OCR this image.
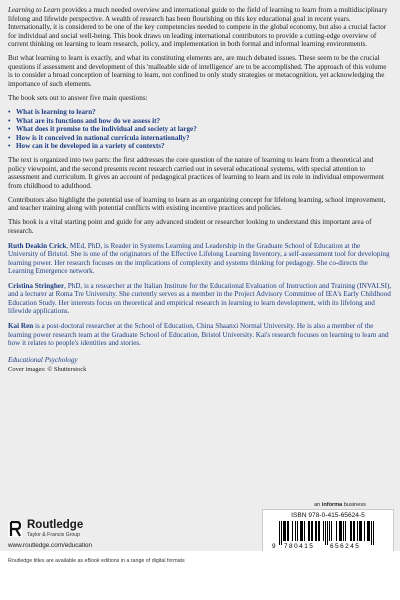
Learning to Learn provides a much needed overview and international guide to the field of learning to learn from a multidisciplinary lifelong and lifewide perspective. A wealth of research has been flourishing on this key educational goal in recent years. Internationally, it is considered to be one of the key competencies needed to compete in the global economy, but also a crucial factor for individual and social well-being. This book draws on leading international contributors to provide a cutting-edge overview of current thinking on learning to learn research, policy, and implementation in both formal and informal learning environments.

But what learning to learn is exactly, and what its constituting elements are, are much debated issues. These seem to be the crucial questions if assessment and development of this 'malleable side of intelligence' are to be accomplished. The approach of this volume is to consider a broad conception of learning to learn, not confined to only study strategies or metacognition, yet acknowledging the importance of such elements.

The book sets out to answer five main questions:

• What is learning to learn?
• What are its functions and how do we assess it?
• What does it promise to the individual and society at large?
• How is it conceived in national curricula internationally?
• How can it be developed in a variety of contexts?

The text is organized into two parts: the first addresses the core question of the nature of learning to learn from a theoretical and policy viewpoint, and the second presents recent research carried out in several educational systems, with special attention to assessment and curriculum. It gives an account of pedagogical practices of learning to learn and its role in individual empowerment from childhood to adulthood.

Contributors also highlight the potential use of learning to learn as an organizing concept for lifelong learning, school improvement, and teacher training along with potential conflicts with existing incentive practices and policies.

This book is a vital starting point and guide for any advanced student or researcher looking to understand this important area of research.

Ruth Deakin Crick, MEd, PhD, is Reader in Systems Learning and Leadership in the Graduate School of Education at the University of Bristol. She is one of the originators of the Effective Lifelong Learning Inventory, a self-assessment tool for developing learning power. Her research focuses on the implications of complexity and systems thinking for pedagogy. She co-directs the Learning Emergence network.

Cristina Stringher, PhD, is a researcher at the Italian Institute for the Educational Evaluation of Instruction and Training (INVALSI), and a lecturer at Roma Tre University. She currently serves as a member in the Project Advisory Committee of IEA's Early Childhood Education Study. Her interests focus on theoretical and empirical research in learning to learn development, with its lifelong and lifewide applications.

Kai Ren is a post-doctoral researcher at the School of Education, China Shaanxi Normal University. He is also a member of the learning power research team at the Graduate School of Education, Bristol University. Kai's research focuses on learning to learn and how it relates to people's identities and stories.

Educational Psychology
Cover images: © Shutterstock
Routledge
Taylor & Francis Group
www.routledge.com/education
an informa business
ISBN 978-0-415-65624-5
9 780415 656245
Routledge titles are available as eBook editions in a range of digital formats
